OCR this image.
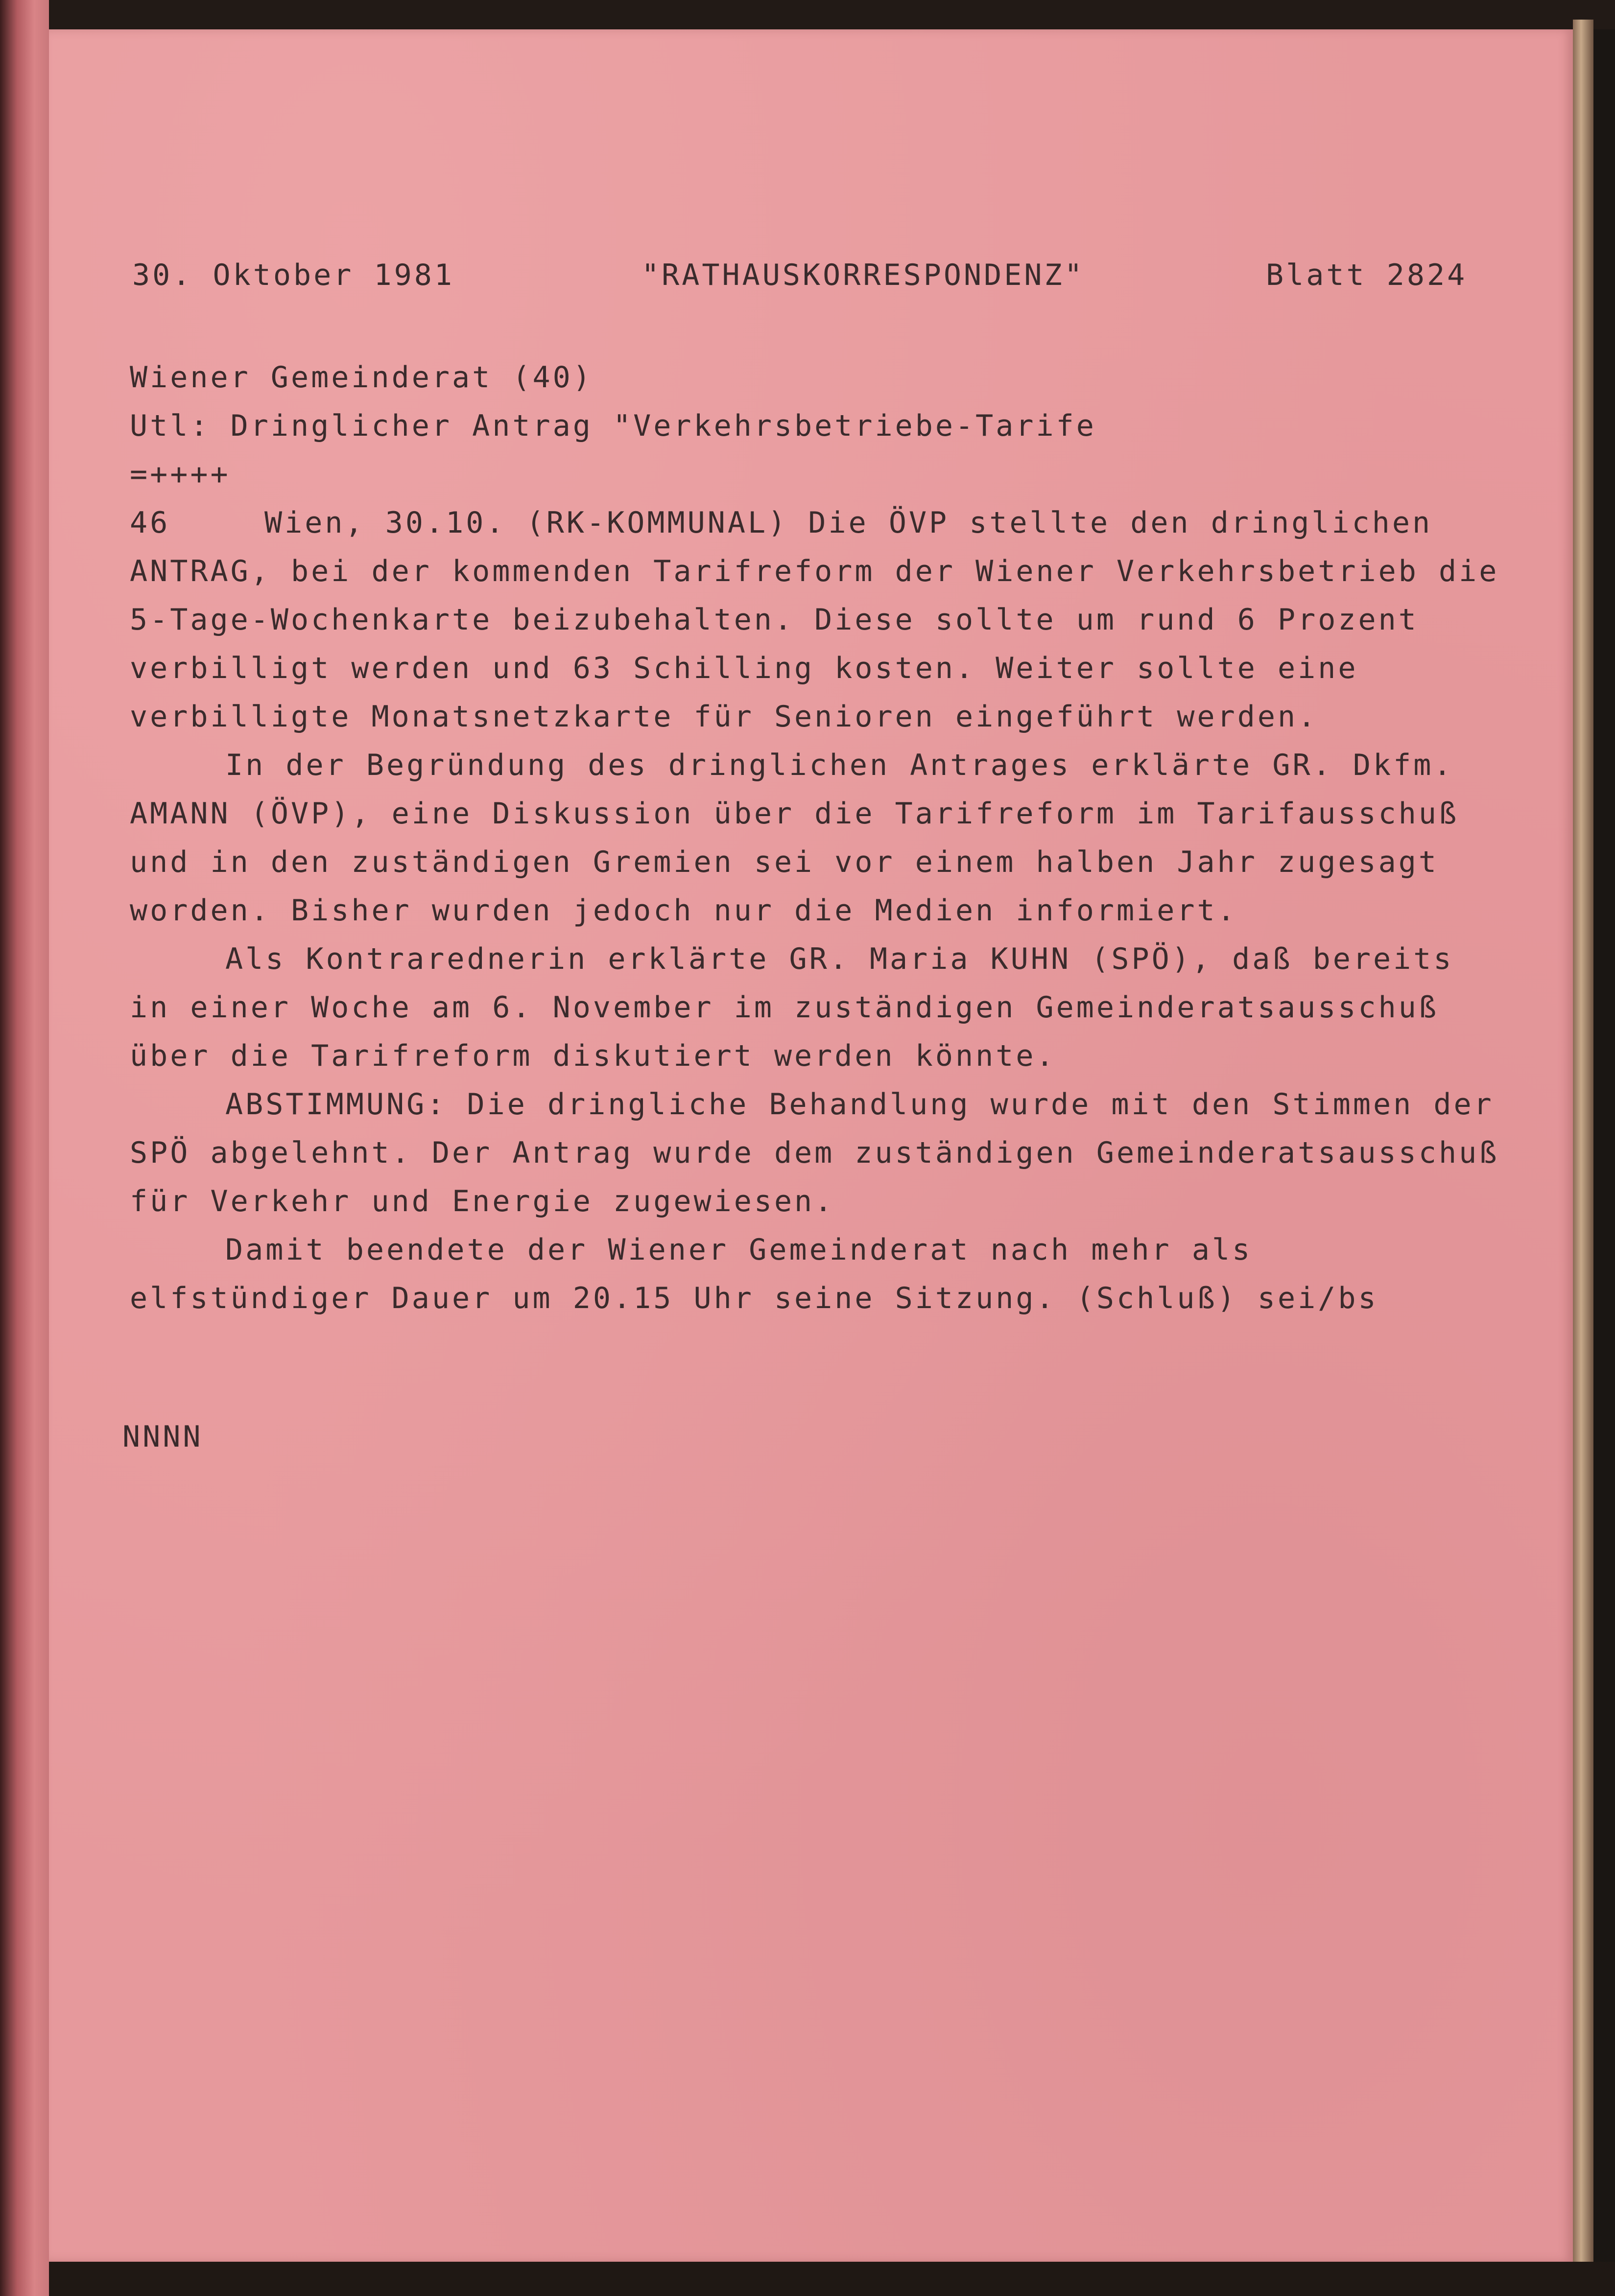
30. Oktober 1981	"RATHAUSKORRESPONDENZ"	Blatt 2824
Wiener Gemeinderat (40)
Utl: Dringlicher Antrag "Verkehrsbetriebe-Tarife
=++++
46	Wien, 30.10. (RK-KOMMUNAL) Die ÖVP stellte den dringlichen
ANTRAG, bei der kommenden Tarifreform der Wiener Verkehrsbetrieb die
5-Tage-Wochenkarte beizubehalten. Diese sollte um rund 6 Prozent
verbilligt werden und 63 Schilling kosten. Weiter sollte eine
verbilligte Monatsnetzkarte für Senioren eingeführt werden.
In der Begründung des dringlichen Antrages erklärte GR. Dkfm.
AMANN (ÖVP), eine Diskussion über die Tarifreform im Tarifausschuß
und in den zuständigen Gremien sei vor einem halben Jahr zugesagt
worden. Bisher wurden jedoch nur die Medien informiert.
Als Kontrarednerin erklärte GR. Maria KUHN (SPÖ), daß bereits
in einer Woche am 6. November im zuständigen Gemeinderatsausschuß
über die Tarifreform diskutiert werden könnte.
ABSTIMMUNG: Die dringliche Behandlung wurde mit den Stimmen der
SPÖ abgelehnt. Der Antrag wurde dem zuständigen Gemeinderatsausschuß
für Verkehr und Energie zugewiesen.
Damit beendete der Wiener Gemeinderat nach mehr als
elfstündiger Dauer um 20.15 Uhr seine Sitzung. (Schluß) sei/bs
NNNN
